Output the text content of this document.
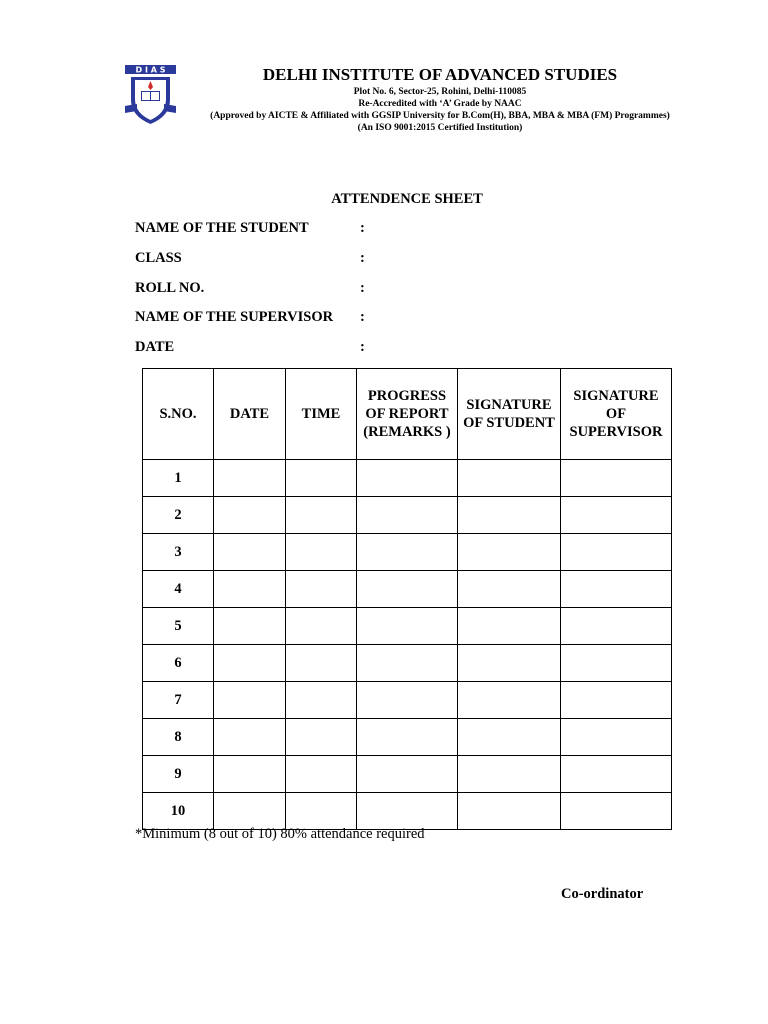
D I A S	DELHI INSTITUTE OF ADVANCED STUDIES
Plot No. 6, Sector-25, Rohini, Delhi-110085
Re-Accredited with ‘A’ Grade by NAAC
(Approved by AICTE & Affiliated with GGSIP University for B.Com(H), BBA, MBA & MBA (FM) Programmes)
(An ISO 9001:2015 Certified Institution)
ATTENDENCE SHEET
NAME OF THE STUDENT	:
CLASS	:
ROLL NO.	:
NAME OF THE SUPERVISOR :
DATE	:
S.NO.	DATE	TIME	PROGRESS OF REPORT (REMARKS )	SIGNATURE OF STUDENT	SIGNATURE OF SUPERVISOR
1					
2					
3					
4					
5					
6					
7					
8					
9					
10					
*Minimum (8 out of 10) 80% attendance required
Co-ordinator
